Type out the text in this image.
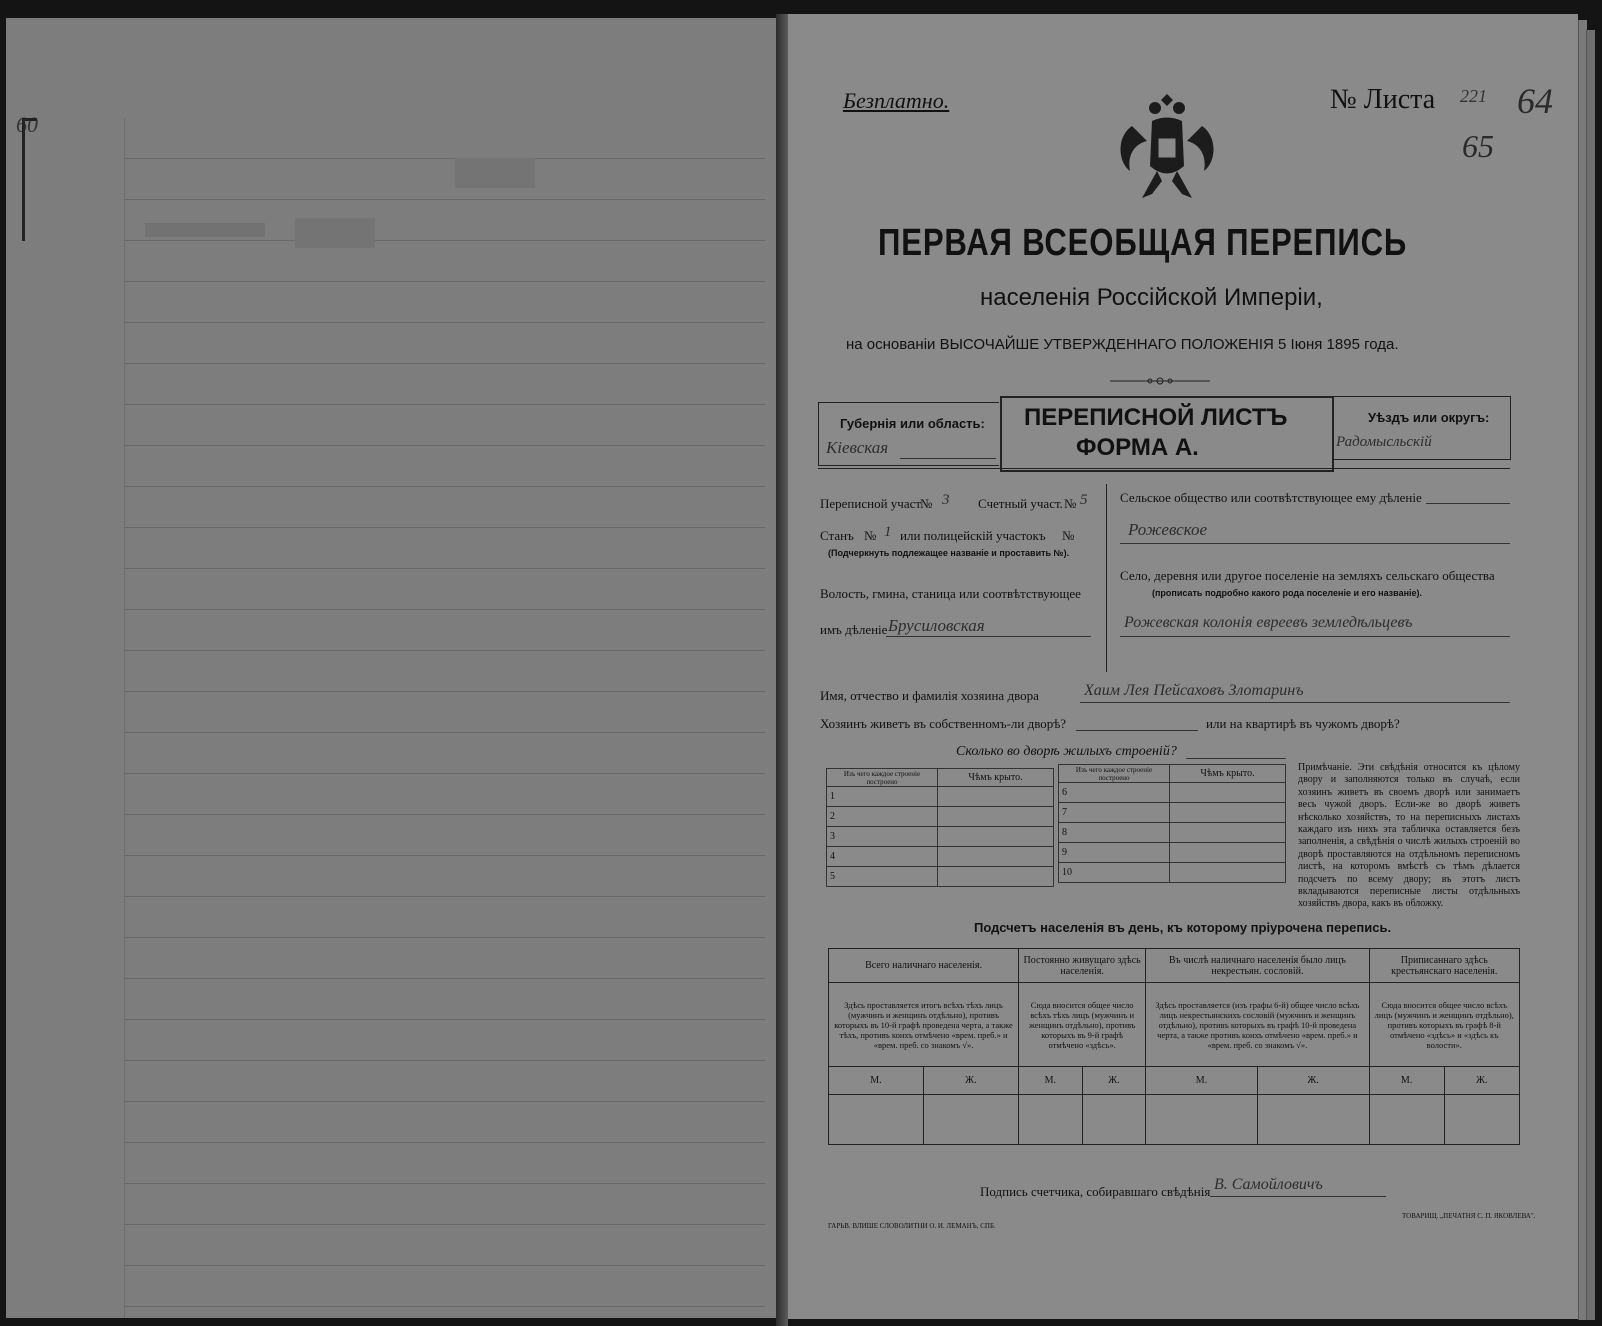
60
Безплатно.	№ Листа 221 64
65
ПЕРВАЯ ВСЕОБЩАЯ ПЕРЕПИСЬ
населенія Россійской Имперіи,
на основаніи ВЫСОЧАЙШЕ УТВЕРЖДЕННАГО ПОЛОЖЕНІЯ 5 Іюня 1895 года.
Губернія или область:
Кіевская
ПЕРЕПИСНОЙ ЛИСТЪ
ФОРМА А.
Уѣздъ или округъ:
Радомысльскій
Переписной участ
№ 3 Счетный участ. № 5
Станъ № 1 или полицейскій участокъ №
(Подчеркнуть подлежащее названіе и проставить №).
Волость, гмина, станица или соотвѣтствующее
имъ дѣленіе Брусиловская
Сельское общество или соотвѣтствующее ему дѣленіе
Рожевское
Село, деревня или другое поселеніе на земляхъ сельскаго общества
(прописать подробно какого рода поселеніе и его названіе).
Рожевская колонія евреевъ земледѣльцевъ
Имя, отчество и фамилія хозяина двора	Хаим Лея Пейсаховъ Злотаринъ
Хозяинъ живетъ въ собственномъ-ли дворѣ?	или на квартирѣ въ чужомъ дворѣ?
Сколько во дворѣ жилыхъ строеній?
Изъ чего каждое строеніе построено	Чѣмъ крыто.
1	
2	
3	
4	
5	
Изъ чего каждое строеніе построено	Чѣмъ крыто.
6	
7	
8	
9	
10	
Примѣчаніе. Эти свѣдѣнія относятся къ цѣлому двору и заполняются только въ случаѣ, если хозяинъ живетъ въ своемъ дворѣ или занимаетъ весь чужой дворъ. Если-же во дворѣ живетъ нѣсколько хозяйствъ, то на переписныхъ листахъ каждаго изъ нихъ эта табличка оставляется безъ заполненія, а свѣдѣнія о числѣ жилыхъ строеній во дворѣ проставляются на отдѣльномъ переписномъ листѣ, на которомъ вмѣстѣ съ тѣмъ дѣлается подсчетъ по всему двору; въ этотъ листъ вкладываются переписные листы отдѣльныхъ хозяйствъ двора, какъ въ обложку.
Подсчетъ населенія въ день, къ которому пріурочена перепись.
Всего наличнаго населенія.		Постоянно живущаго здѣсь населенія.		Въ числѣ наличнаго населенія было лицъ некрестьян. сословій.		Приписаннаго здѣсь крестьянскаго населенія.	
Здѣсь проставляется итогъ всѣхъ тѣхъ лицъ (мужчинъ и женщинъ отдѣльно), противъ которыхъ въ 10-й графѣ проведена черта, а также тѣхъ, противъ коихъ отмѣчено «врем. преб.» и «врем. преб. со знакомъ √».		Сюда вносится общее число всѣхъ тѣхъ лицъ (мужчинъ и женщинъ отдѣльно), противъ которыхъ въ 9-й графѣ отмѣчено «здѣсь».		Здѣсь проставляется (изъ графы 6-й) общее число всѣхъ лицъ некрестьянскихъ сословій (мужчинъ и женщинъ отдѣльно), противъ которыхъ въ графѣ 10-й проведена черта, а также противъ коихъ отмѣчено «врем. преб.» и «врем. преб. со знакомъ √».		Сюда вносится общее число всѣхъ лицъ (мужчинъ и женщинъ отдѣльно), противъ которыхъ въ графѣ 8-й отмѣчено «здѣсь» и «здѣсь къ волости».	
М.	Ж.	М.	Ж.	М.	Ж.	М.	Ж.

Подпись счетчика, собиравшаго свѣдѣнія В. Самойловичъ
ГАРЬВ. ВЛИШЕ СЛОВОЛИТНИ О. И. ЛЕМАНЪ, СПБ.
ТОВАРИЩ. „ПЕЧАТНЯ С. П. ЯКОВЛЕВА".
